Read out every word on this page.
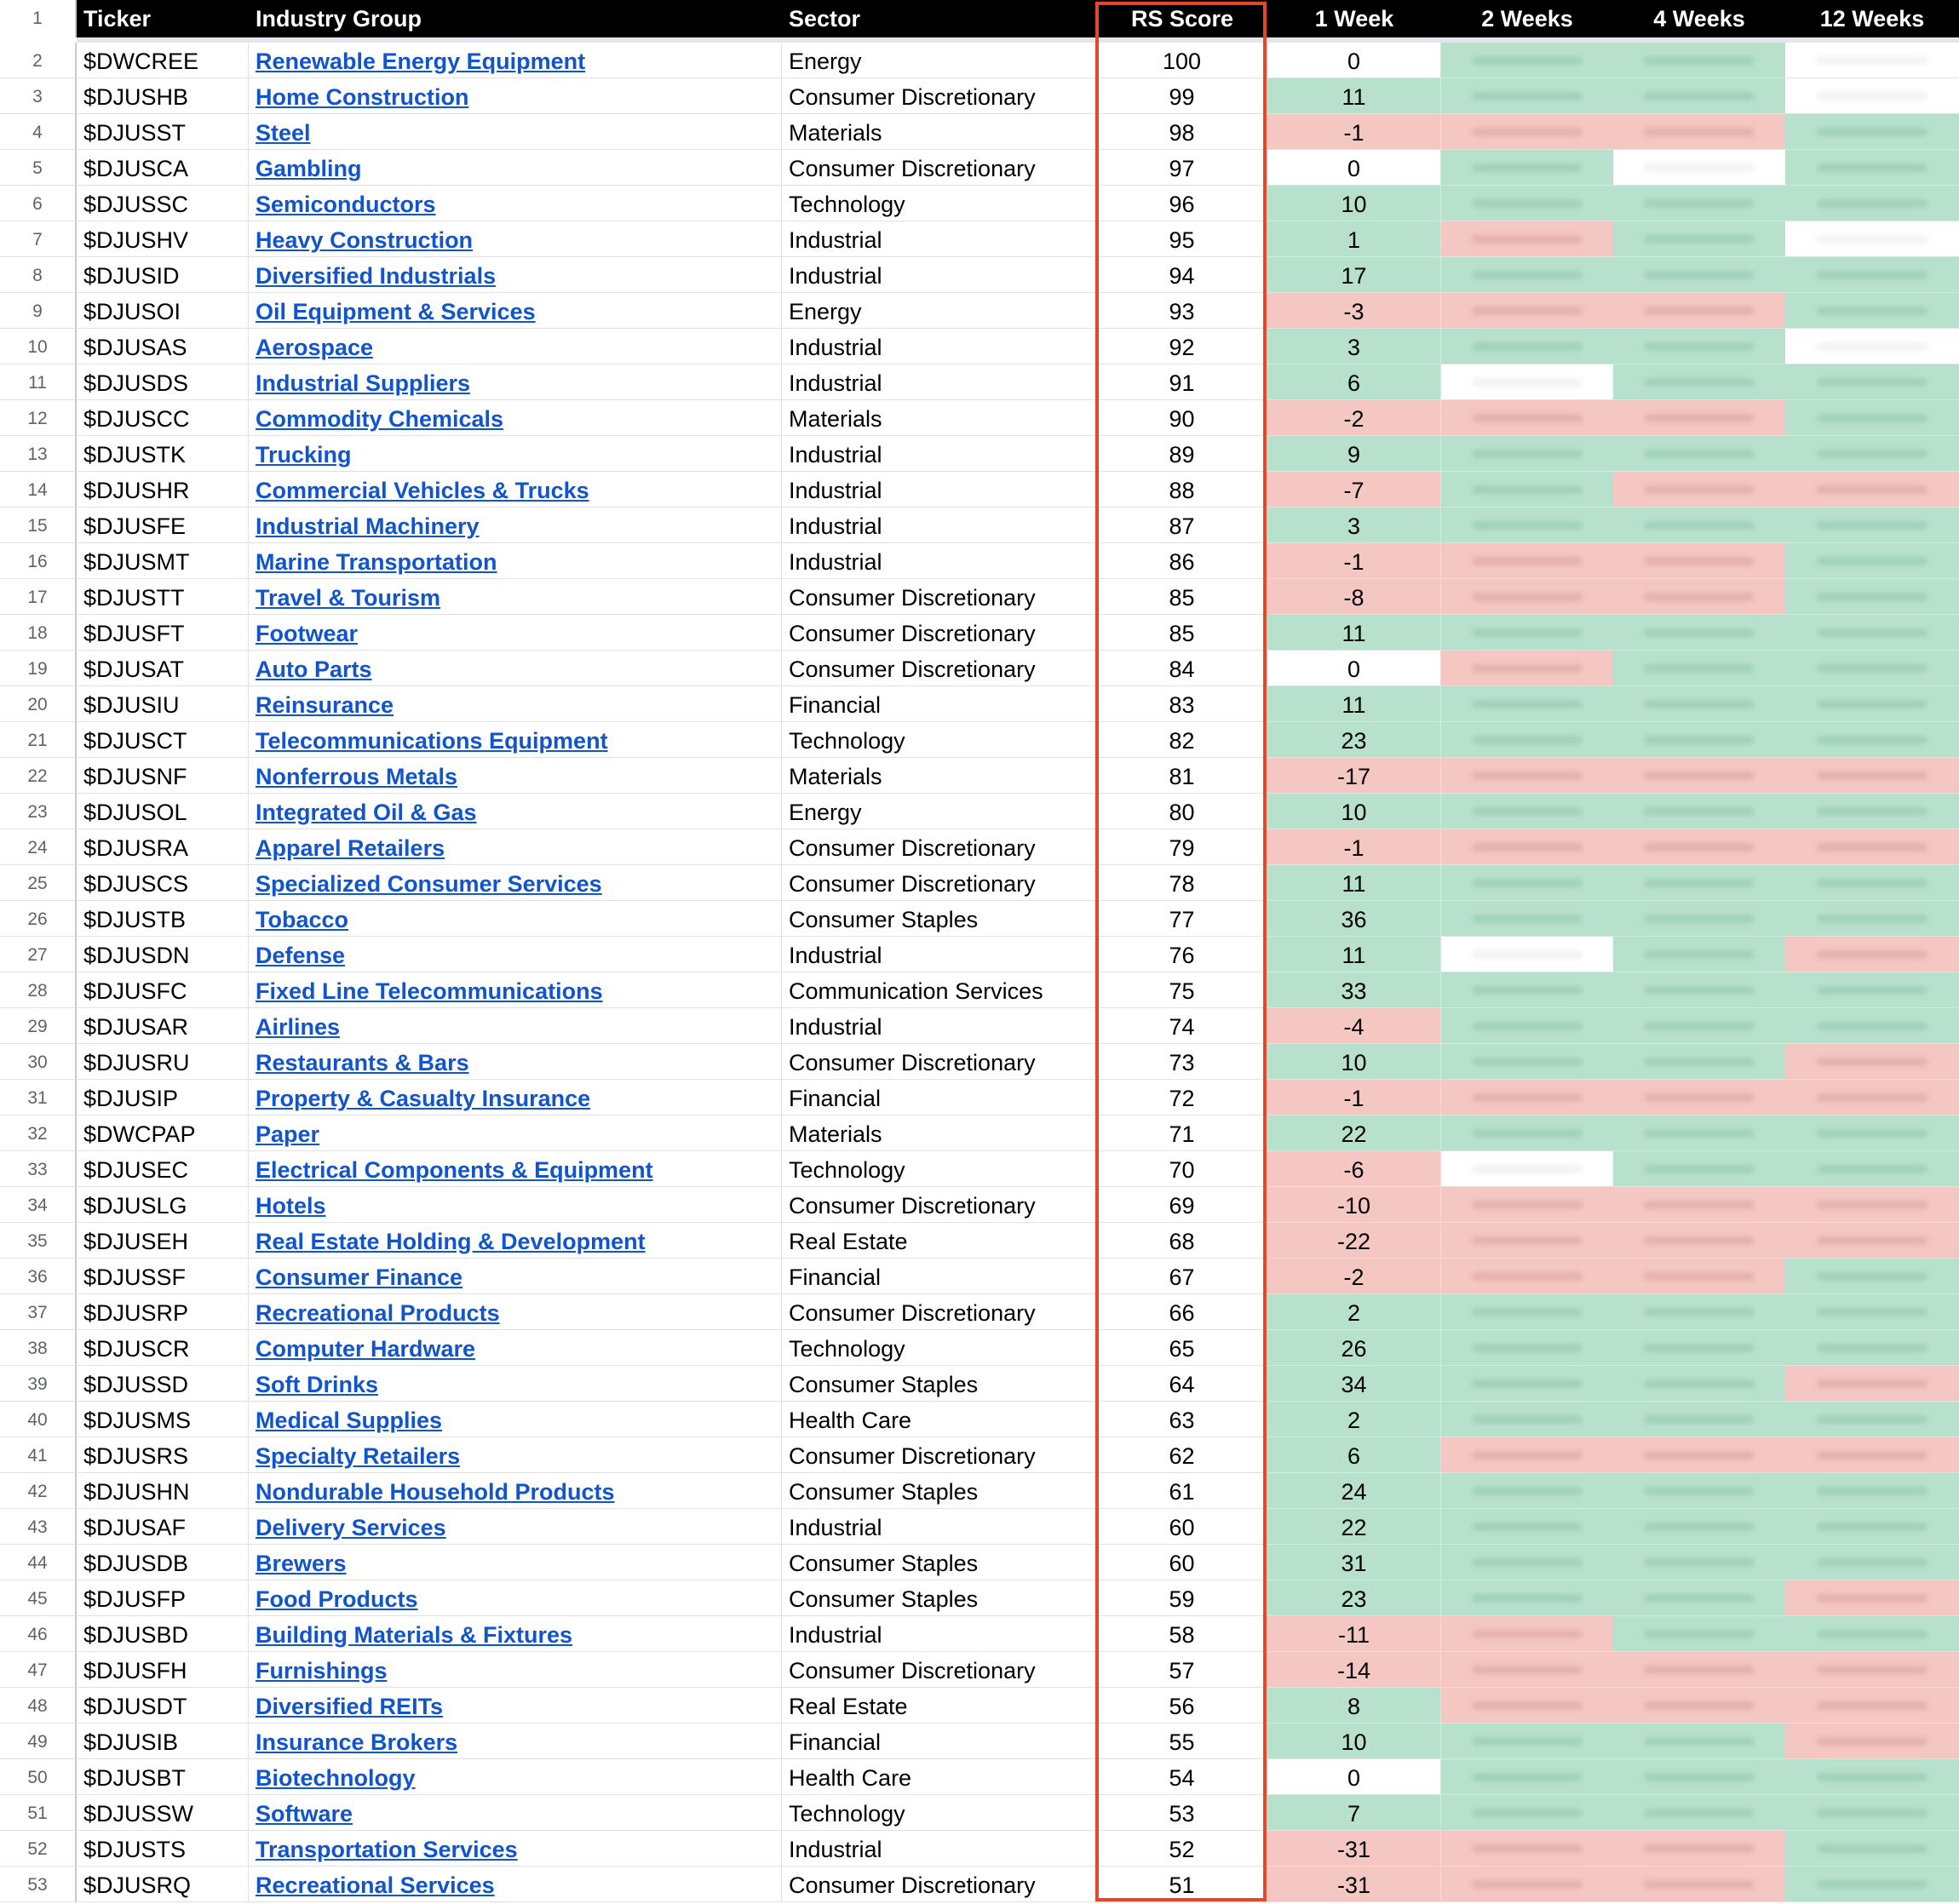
1	Ticker	Industry Group	Sector	RS Score	1 Week	2 Weeks	4 Weeks	12 Weeks
2	$DWCREE	Renewable Energy Equipment	Energy	100	0
3	$DJUSHB	Home Construction	Consumer Discretionary	99	11
4	$DJUSST	Steel	Materials	98	-1
5	$DJUSCA	Gambling	Consumer Discretionary	97	0
6	$DJUSSC	Semiconductors	Technology	96	10
7	$DJUSHV	Heavy Construction	Industrial	95	1
8	$DJUSID	Diversified Industrials	Industrial	94	17
9	$DJUSOI	Oil Equipment & Services	Energy	93	-3
10	$DJUSAS	Aerospace	Industrial	92	3
11	$DJUSDS	Industrial Suppliers	Industrial	91	6
12	$DJUSCC	Commodity Chemicals	Materials	90	-2
13	$DJUSTK	Trucking	Industrial	89	9
14	$DJUSHR	Commercial Vehicles & Trucks	Industrial	88	-7
15	$DJUSFE	Industrial Machinery	Industrial	87	3
16	$DJUSMT	Marine Transportation	Industrial	86	-1
17	$DJUSTT	Travel & Tourism	Consumer Discretionary	85	-8
18	$DJUSFT	Footwear	Consumer Discretionary	85	11
19	$DJUSAT	Auto Parts	Consumer Discretionary	84	0
20	$DJUSIU	Reinsurance	Financial	83	11
21	$DJUSCT	Telecommunications Equipment	Technology	82	23
22	$DJUSNF	Nonferrous Metals	Materials	81	-17
23	$DJUSOL	Integrated Oil & Gas	Energy	80	10
24	$DJUSRA	Apparel Retailers	Consumer Discretionary	79	-1
25	$DJUSCS	Specialized Consumer Services	Consumer Discretionary	78	11
26	$DJUSTB	Tobacco	Consumer Staples	77	36
27	$DJUSDN	Defense	Industrial	76	11
28	$DJUSFC	Fixed Line Telecommunications	Communication Services	75	33
29	$DJUSAR	Airlines	Industrial	74	-4
30	$DJUSRU	Restaurants & Bars	Consumer Discretionary	73	10
31	$DJUSIP	Property & Casualty Insurance	Financial	72	-1
32	$DWCPAP	Paper	Materials	71	22
33	$DJUSEC	Electrical Components & Equipment	Technology	70	-6
34	$DJUSLG	Hotels	Consumer Discretionary	69	-10
35	$DJUSEH	Real Estate Holding & Development	Real Estate	68	-22
36	$DJUSSF	Consumer Finance	Financial	67	-2
37	$DJUSRP	Recreational Products	Consumer Discretionary	66	2
38	$DJUSCR	Computer Hardware	Technology	65	26
39	$DJUSSD	Soft Drinks	Consumer Staples	64	34
40	$DJUSMS	Medical Supplies	Health Care	63	2
41	$DJUSRS	Specialty Retailers	Consumer Discretionary	62	6
42	$DJUSHN	Nondurable Household Products	Consumer Staples	61	24
43	$DJUSAF	Delivery Services	Industrial	60	22
44	$DJUSDB	Brewers	Consumer Staples	60	31
45	$DJUSFP	Food Products	Consumer Staples	59	23
46	$DJUSBD	Building Materials & Fixtures	Industrial	58	-11
47	$DJUSFH	Furnishings	Consumer Discretionary	57	-14
48	$DJUSDT	Diversified REITs	Real Estate	56	8
49	$DJUSIB	Insurance Brokers	Financial	55	10
50	$DJUSBT	Biotechnology	Health Care	54	0
51	$DJUSSW	Software	Technology	53	7
52	$DJUSTS	Transportation Services	Industrial	52	-31
53	$DJUSRQ	Recreational Services	Consumer Discretionary	51	-31
